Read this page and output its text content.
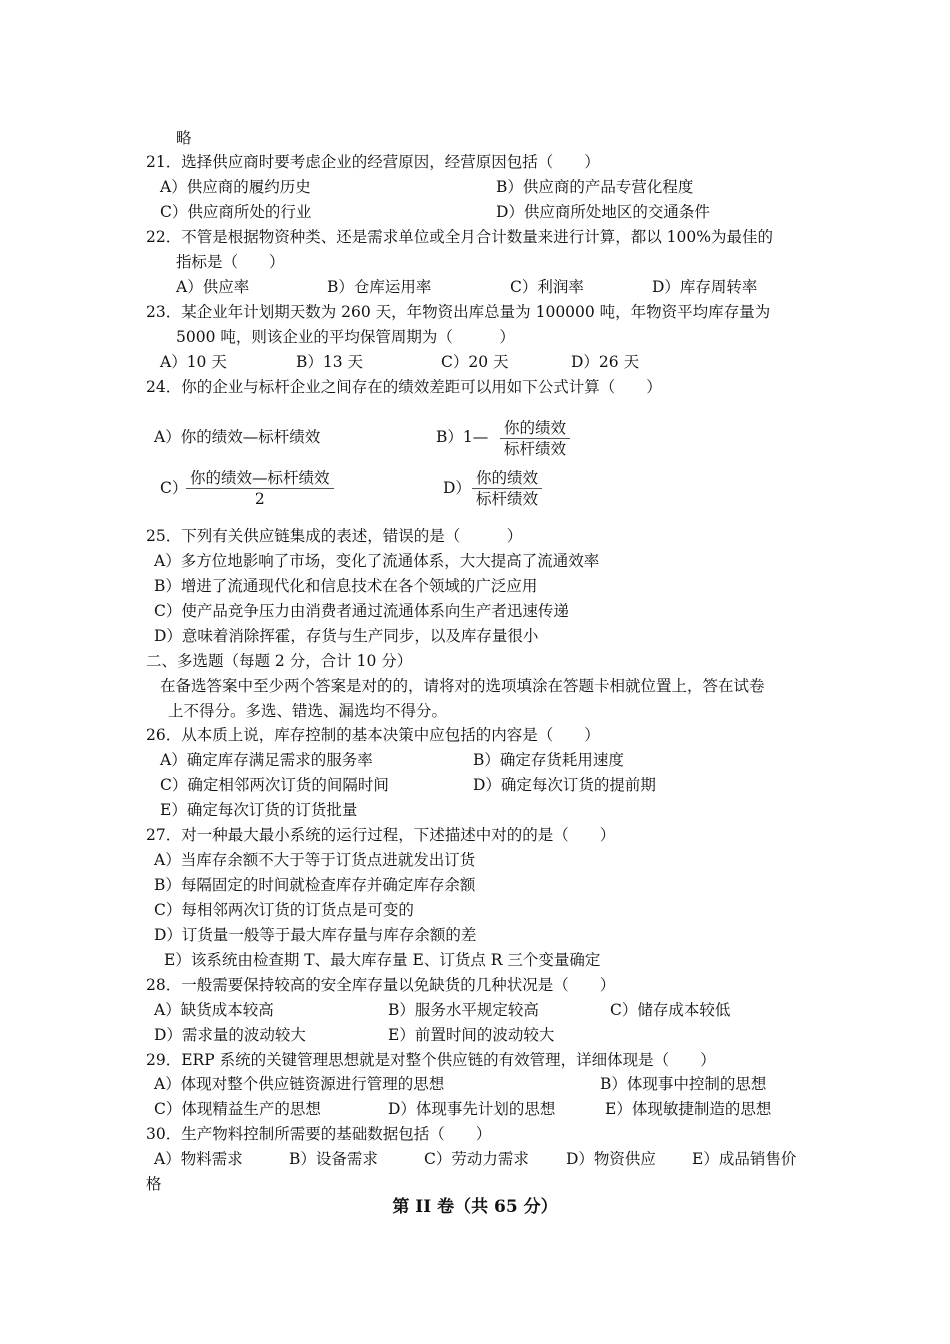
略
21．选择供应商时要考虑企业的经营原因，经营原因包括（　　）
A）供应商的履约历史	B）供应商的产品专营化程度
C）供应商所处的行业	D）供应商所处地区的交通条件
22．不管是根据物资种类、还是需求单位或全月合计数量来进行计算，都以 100%为最佳的
指标是（　　）
A）供应率	B）仓库运用率	C）利润率	D）库存周转率
23．某企业年计划期天数为 260 天，年物资出库总量为 100000 吨，年物资平均库存量为
5000 吨，则该企业的平均保管周期为（　　　）
A）10 天	B）13 天	C）20 天	D）26 天
24．你的企业与标杆企业之间存在的绩效差距可以用如下公式计算（　　）
A）你的绩效—标杆绩效	B）1— 你的绩效
标杆绩效
C）
你的绩效—标杆绩效
2
D）
你的绩效
标杆绩效
25．下列有关供应链集成的表述，错误的是（　　　）
A）多方位地影响了市场，变化了流通体系，大大提高了流通效率
B）增进了流通现代化和信息技术在各个领域的广泛应用
C）使产品竞争压力由消费者通过流通体系向生产者迅速传递
D）意味着消除挥霍，存货与生产同步，以及库存量很小
二、多选题（每题 2 分，合计 10 分）
在备选答案中至少两个答案是对的的，请将对的选项填涂在答题卡相就位置上，答在试卷
上不得分。多选、错选、漏选均不得分。
26．从本质上说，库存控制的基本决策中应包括的内容是（　　）
A）确定库存满足需求的服务率	B）确定存货耗用速度
C）确定相邻两次订货的间隔时间	D）确定每次订货的提前期
E）确定每次订货的订货批量
27．对一种最大最小系统的运行过程，下述描述中对的的是（　　）
A）当库存余额不大于等于订货点进就发出订货
B）每隔固定的时间就检查库存并确定库存余额
C）每相邻两次订货的订货点是可变的
D）订货量一般等于最大库存量与库存余额的差
E）该系统由检查期 T、最大库存量 E、订货点 R 三个变量确定
28．一般需要保持较高的安全库存量以免缺货的几种状况是（　　）
A）缺货成本较高	B）服务水平规定较高	C）储存成本较低
D）需求量的波动较大	E）前置时间的波动较大
29．ERP 系统的关键管理思想就是对整个供应链的有效管理，详细体现是（　　）
A）体现对整个供应链资源进行管理的思想	B）体现事中控制的思想
C）体现精益生产的思想	D）体现事先计划的思想	E）体现敏捷制造的思想
30．生产物料控制所需要的基础数据包括（　　）
A）物料需求	B）设备需求	C）劳动力需求 D）物资供应 E）成品销售价
格
第 II 卷（共 65 分）
